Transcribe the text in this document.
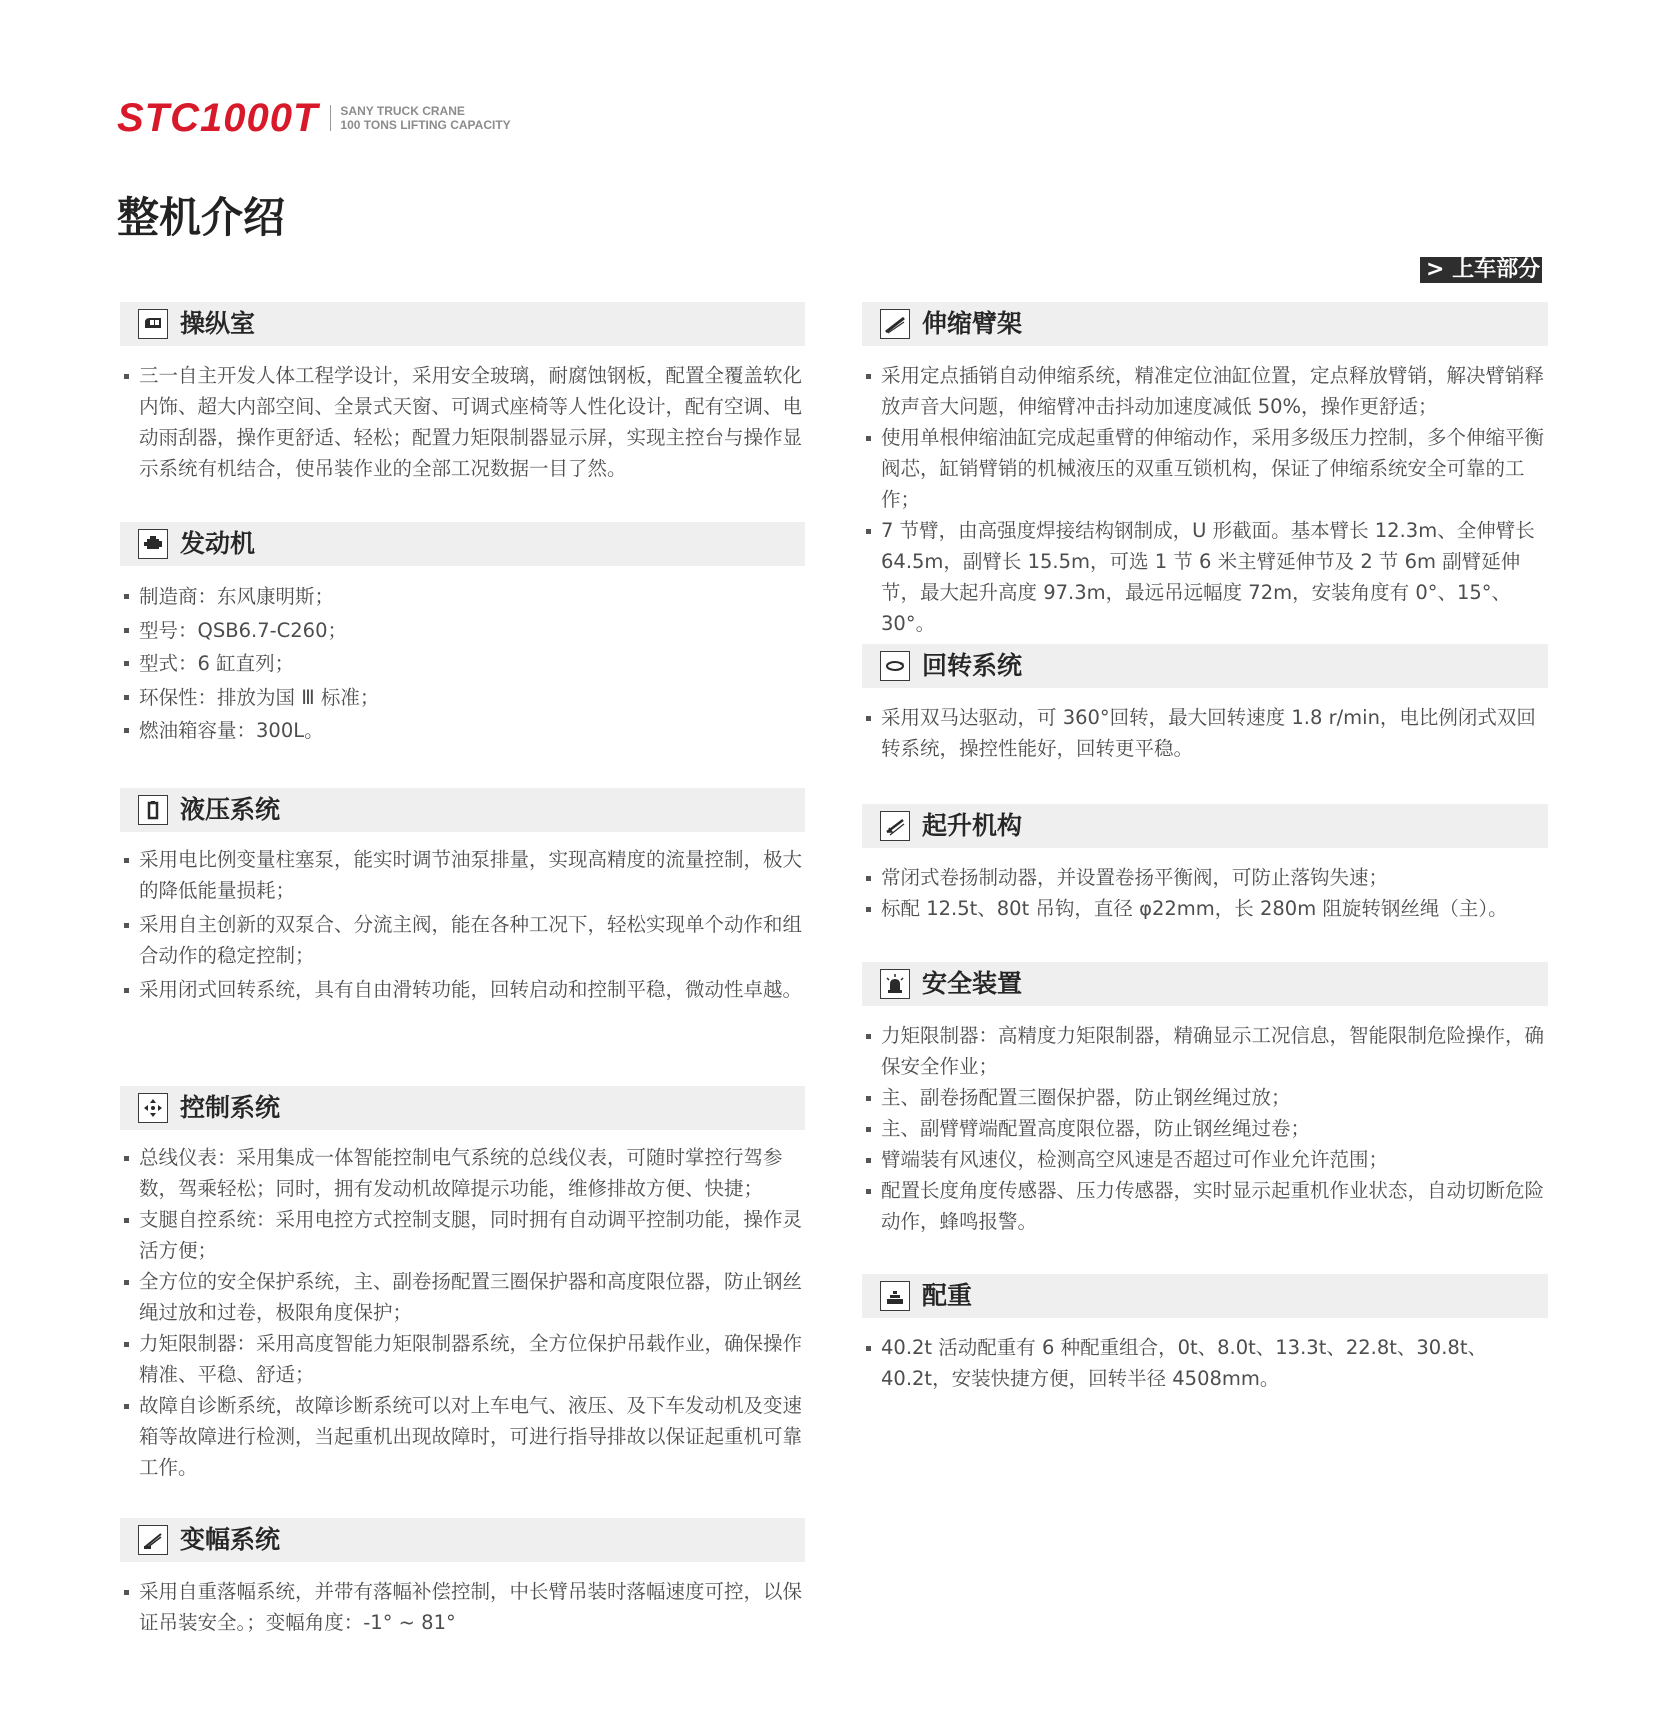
STC1000T SANY TRUCK CRANE
100 TONS LIFTING CAPACITY
整机介绍
> 上车部分
操纵室
三一自主开发人体工程学设计，采用安全玻璃，耐腐蚀钢板，配置全覆盖软化内饰、超大内部空间、全景式天窗、可调式座椅等人性化设计，配有空调、电动雨刮器，操作更舒适、轻松；配置力矩限制器显示屏，实现主控台与操作显示系统有机结合，使吊装作业的全部工况数据一目了然。
发动机
制造商：东风康明斯；
型号：QSB6.7-C260；
型式：6 缸直列；
环保性：排放为国 Ⅲ 标准；
燃油箱容量：300L。
液压系统
采用电比例变量柱塞泵，能实时调节油泵排量，实现高精度的流量控制，极大的降低能量损耗；
采用自主创新的双泵合、分流主阀，能在各种工况下，轻松实现单个动作和组合动作的稳定控制；
采用闭式回转系统，具有自由滑转功能，回转启动和控制平稳，微动性卓越。
控制系统
总线仪表：采用集成一体智能控制电气系统的总线仪表，可随时掌控行驾参数，驾乘轻松；同时，拥有发动机故障提示功能，维修排故方便、快捷；
支腿自控系统：采用电控方式控制支腿，同时拥有自动调平控制功能，操作灵活方便；
全方位的安全保护系统，主、副卷扬配置三圈保护器和高度限位器，防止钢丝绳过放和过卷，极限角度保护；
力矩限制器：采用高度智能力矩限制器系统，全方位保护吊载作业，确保操作精准、平稳、舒适；
故障自诊断系统，故障诊断系统可以对上车电气、液压、及下车发动机及变速箱等故障进行检测，当起重机出现故障时，可进行指导排故以保证起重机可靠工作。
变幅系统
采用自重落幅系统，并带有落幅补偿控制，中长臂吊装时落幅速度可控，以保证吊装安全。；变幅角度：-1° ~ 81°
伸缩臂架
采用定点插销自动伸缩系统，精准定位油缸位置，定点释放臂销，解决臂销释放声音大问题，伸缩臂冲击抖动加速度减低 50%，操作更舒适；
使用单根伸缩油缸完成起重臂的伸缩动作，采用多级压力控制，多个伸缩平衡阀芯，缸销臂销的机械液压的双重互锁机构，保证了伸缩系统安全可靠的工作；
7 节臂，由高强度焊接结构钢制成，U 形截面。基本臂长 12.3m、全伸臂长 64.5m，副臂长 15.5m，可选 1 节 6 米主臂延伸节及 2 节 6m 副臂延伸节，最大起升高度 97.3m，最远吊远幅度 72m，安装角度有 0°、15°、30°。
回转系统
采用双马达驱动，可 360°回转，最大回转速度 1.8 r/min，电比例闭式双回转系统，操控性能好，回转更平稳。
起升机构
常闭式卷扬制动器，并设置卷扬平衡阀，可防止落钩失速；
标配 12.5t、80t 吊钩，直径 φ22mm，长 280m 阻旋转钢丝绳（主）。
安全装置
力矩限制器：高精度力矩限制器，精确显示工况信息，智能限制危险操作，确保安全作业；
主、副卷扬配置三圈保护器，防止钢丝绳过放；
主、副臂臂端配置高度限位器，防止钢丝绳过卷；
臂端装有风速仪，检测高空风速是否超过可作业允许范围；
配置长度角度传感器、压力传感器，实时显示起重机作业状态，自动切断危险动作，蜂鸣报警。
配重
40.2t 活动配重有 6 种配重组合，0t、8.0t、13.3t、22.8t、30.8t、40.2t，安装快捷方便，回转半径 4508mm。
